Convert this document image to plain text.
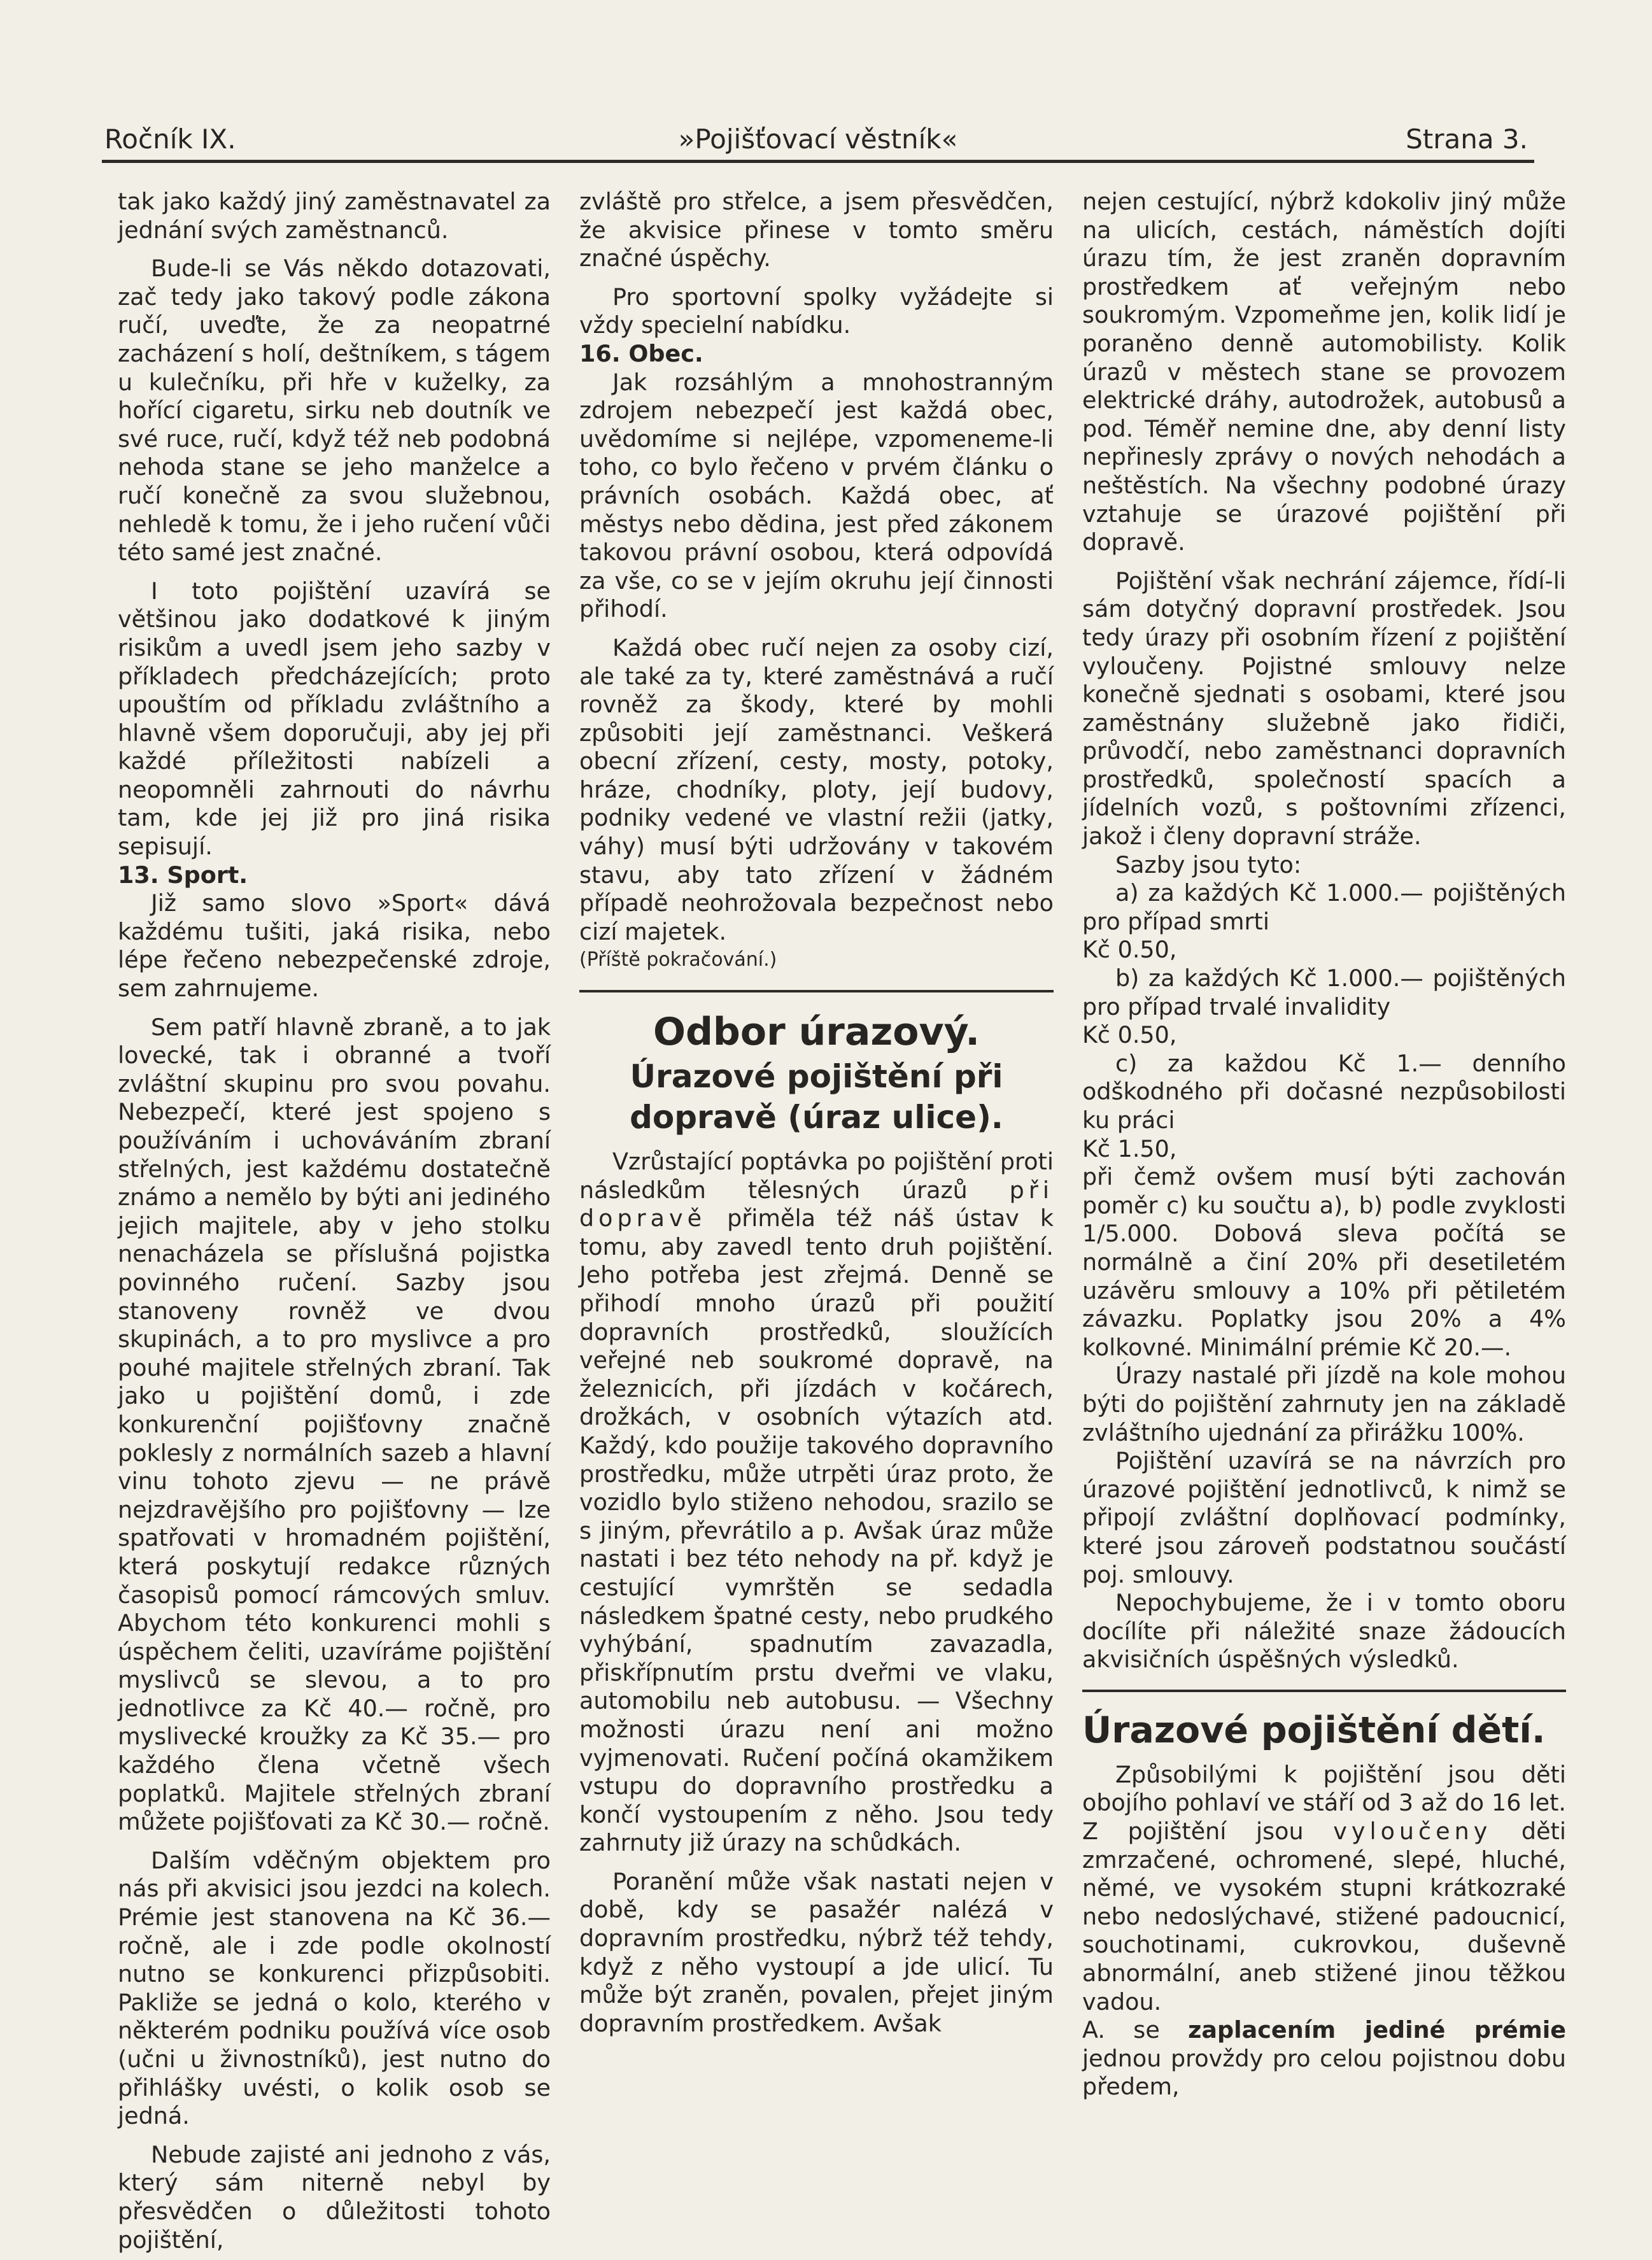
Ročník IX.	»Pojišťovací věstník«	Strana 3.

tak jako každý jiný zaměstnavatel za jednání svých zaměstnanců.

Bude-li se Vás někdo dotazovati, zač tedy jako takový podle zákona ručí, uveďte, že za neopatrné zacházení s holí, deštníkem, s tágem u kulečníku, při hře v kuželky, za hořící cigaretu, sirku neb doutník ve své ruce, ručí, když též neb podobná nehoda stane se jeho manželce a ručí konečně za svou služebnou, nehledě k tomu, že i jeho ručení vůči této samé jest značné.

I toto pojištění uzavírá se většinou jako dodatkové k jiným risikům a uvedl jsem jeho sazby v příkladech předcházejících; proto upouštím od příkladu zvláštního a hlavně všem doporučuji, aby jej při každé příležitosti nabízeli a neopomněli zahrnouti do návrhu tam, kde jej již pro jiná risika sepisují.

13. Sport.

Již samo slovo »Sport« dává každému tušiti, jaká risika, nebo lépe řečeno nebezpečenské zdroje, sem zahrnujeme.

Sem patří hlavně zbraně, a to jak lovecké, tak i obranné a tvoří zvláštní skupinu pro svou povahu. Nebezpečí, které jest spojeno s používáním i uchováváním zbraní střelných, jest každému dostatečně známo a nemělo by býti ani jediného jejich majitele, aby v jeho stolku nenacházela se příslušná pojistka povinného ručení. Sazby jsou stanoveny rovněž ve dvou skupinách, a to pro myslivce a pro pouhé majitele střelných zbraní. Tak jako u pojištění domů, i zde konkurenční pojišťovny značně poklesly z normálních sazeb a hlavní vinu tohoto zjevu — ne právě nejzdravějšího pro pojišťovny — lze spatřovati v hromadném pojištění, která poskytují redakce různých časopisů pomocí rámcových smluv. Abychom této konkurenci mohli s úspěchem čeliti, uzavíráme pojištění myslivců se slevou, a to pro jednotlivce za Kč 40.— ročně, pro myslivecké kroužky za Kč 35.— pro každého člena včetně všech poplatků. Majitele střelných zbraní můžete pojišťovati za Kč 30.— ročně.

Dalším vděčným objektem pro nás při akvisici jsou jezdci na kolech. Prémie jest stanovena na Kč 36.— ročně, ale i zde podle okolností nutno se konkurenci přizpůsobiti. Pakliže se jedná o kolo, kterého v některém podniku používá více osob (učni u živnostníků), jest nutno do přihlášky uvésti, o kolik osob se jedná.

Nebude zajisté ani jednoho z vás, který sám niterně nebyl by přesvědčen o důležitosti tohoto pojištění,

zvláště pro střelce, a jsem přesvědčen, že akvisice přinese v tomto směru značné úspěchy.

Pro sportovní spolky vyžádejte si vždy specielní nabídku.

16. Obec.

Jak rozsáhlým a mnohostranným zdrojem nebezpečí jest každá obec, uvědomíme si nejlépe, vzpomeneme-li toho, co bylo řečeno v prvém článku o právních osobách. Každá obec, ať městys nebo dědina, jest před zákonem takovou právní osobou, která odpovídá za vše, co se v jejím okruhu její činnosti přihodí.

Každá obec ručí nejen za osoby cizí, ale také za ty, které zaměstnává a ručí rovněž za škody, které by mohli způsobiti její zaměstnanci. Veškerá obecní zřízení, cesty, mosty, potoky, hráze, chodníky, ploty, její budovy, podniky vedené ve vlastní režii (jatky, váhy) musí býti udržovány v takovém stavu, aby tato zřízení v žádném případě neohrožovala bezpečnost nebo cizí majetek.

(Příště pokračování.)

Odbor úrazový.
Úrazové pojištění při dopravě (úraz ulice).

Vzrůstající poptávka po pojištění proti následkům tělesných úrazů při dopravě přiměla též náš ústav k tomu, aby zavedl tento druh pojištění. Jeho potřeba jest zřejmá. Denně se přihodí mnoho úrazů při použití dopravních prostředků, sloužících veřejné neb soukromé dopravě, na železnicích, při jízdách v kočárech, drožkách, v osobních výtazích atd. Každý, kdo použije takového dopravního prostředku, může utrpěti úraz proto, že vozidlo bylo stiženo nehodou, srazilo se s jiným, převrátilo a p. Avšak úraz může nastati i bez této nehody na př. když je cestující vymrštěn se sedadla následkem špatné cesty, nebo prudkého vyhýbání, spadnutím zavazadla, přiskřípnutím prstu dveřmi ve vlaku, automobilu neb autobusu. — Všechny možnosti úrazu není ani možno vyjmenovati. Ručení počíná okamžikem vstupu do dopravního prostředku a končí vystoupením z něho. Jsou tedy zahrnuty již úrazy na schůdkách.

Poranění může však nastati nejen v době, kdy se pasažér nalézá v dopravním prostředku, nýbrž též tehdy, když z něho vystoupí a jde ulicí. Tu může být zraněn, povalen, přejet jiným dopravním prostředkem. Avšak

nejen cestující, nýbrž kdokoliv jiný může na ulicích, cestách, náměstích dojíti úrazu tím, že jest zraněn dopravním prostředkem ať veřejným nebo soukromým. Vzpomeňme jen, kolik lidí je poraněno denně automobilisty. Kolik úrazů v městech stane se provozem elektrické dráhy, autodrožek, autobusů a pod. Téměř nemine dne, aby denní listy nepřinesly zprávy o nových nehodách a neštěstích. Na všechny podobné úrazy vztahuje se úrazové pojištění při dopravě.

Pojištění však nechrání zájemce, řídí-li sám dotyčný dopravní prostředek. Jsou tedy úrazy při osobním řízení z pojištění vyloučeny. Pojistné smlouvy nelze konečně sjednati s osobami, které jsou zaměstnány služebně jako řidiči, průvodčí, nebo zaměstnanci dopravních prostředků, společností spacích a jídelních vozů, s poštovními zřízenci, jakož i členy dopravní stráže.

Sazby jsou tyto:

a) za každých Kč 1.000.— pojištěných pro případ smrti

Kč 0.50,

b) za každých Kč 1.000.— pojištěných pro případ trvalé invalidity

Kč 0.50,

c) za každou Kč 1.— denního odškodného při dočasné nezpůsobilosti ku práci

Kč 1.50,

při čemž ovšem musí býti zachován poměr c) ku součtu a), b) podle zvyklosti 1/5.000. Dobová sleva počítá se normálně a činí 20% při desetiletém uzávěru smlouvy a 10% při pětiletém závazku. Poplatky jsou 20% a 4% kolkovné. Minimální prémie Kč 20.—.

Úrazy nastalé při jízdě na kole mohou býti do pojištění zahrnuty jen na základě zvláštního ujednání za přirážku 100%.

Pojištění uzavírá se na návrzích pro úrazové pojištění jednotlivců, k nimž se připojí zvláštní doplňovací podmínky, které jsou zároveň podstatnou součástí poj. smlouvy.

Nepochybujeme, že i v tomto oboru docílíte při náležité snaze žádoucích akvisičních úspěšných výsledků.

Úrazové pojištění dětí.

Způsobilými k pojištění jsou děti obojího pohlaví ve stáří od 3 až do 16 let. Z pojištění jsou vyloučeny děti zmrzačené, ochromené, slepé, hluché, němé, ve vysokém stupni krátkozraké nebo nedoslýchavé, stižené padoucnicí, souchotinami, cukrovkou, duševně abnormální, aneb stižené jinou těžkou vadou.

A. se zaplacením jediné prémie jednou provždy pro celou pojistnou dobu předem,
